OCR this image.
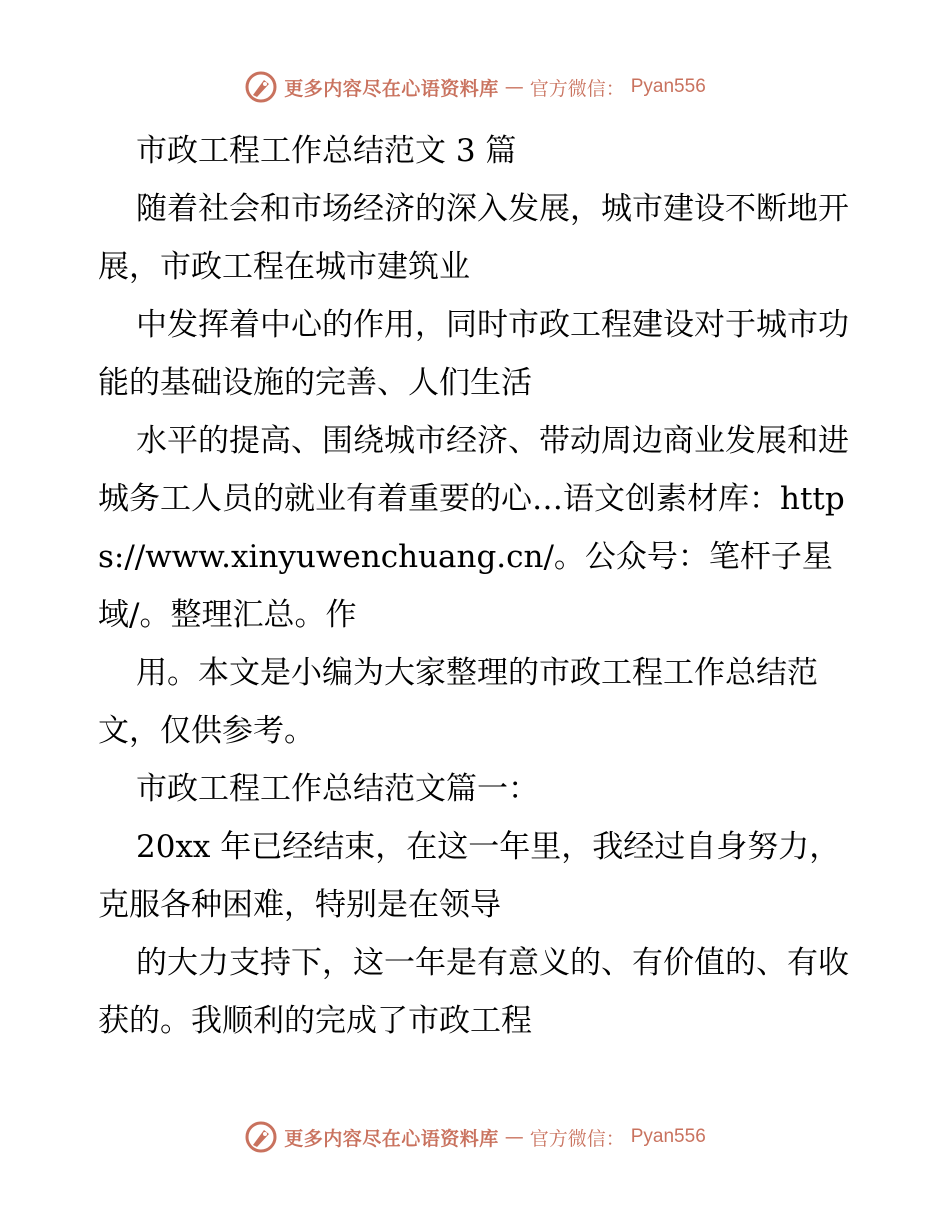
更多内容尽在心语资料库 — 官方微信： Pyan556

市政工程工作总结范文 3 篇

随着社会和市场经济的深入发展，城市建设不断地开展，市政工程在城市建筑业

中发挥着中心的作用，同时市政工程建设对于城市功能的基础设施的完善、人们生活

水平的提高、围绕城市经济、带动周边商业发展和进城务工人员的就业有着重要的心…语文创素材库：https://www.xinyuwenchuang.cn/。公众号：笔杆子星域/。整理汇总。作

用。本文是小编为大家整理的市政工程工作总结范文，仅供参考。

市政工程工作总结范文篇一：

20xx 年已经结束，在这一年里，我经过自身努力，克服各种困难，特别是在领导

的大力支持下，这一年是有意义的、有价值的、有收获的。我顺利的完成了市政工程

更多内容尽在心语资料库 — 官方微信： Pyan556
